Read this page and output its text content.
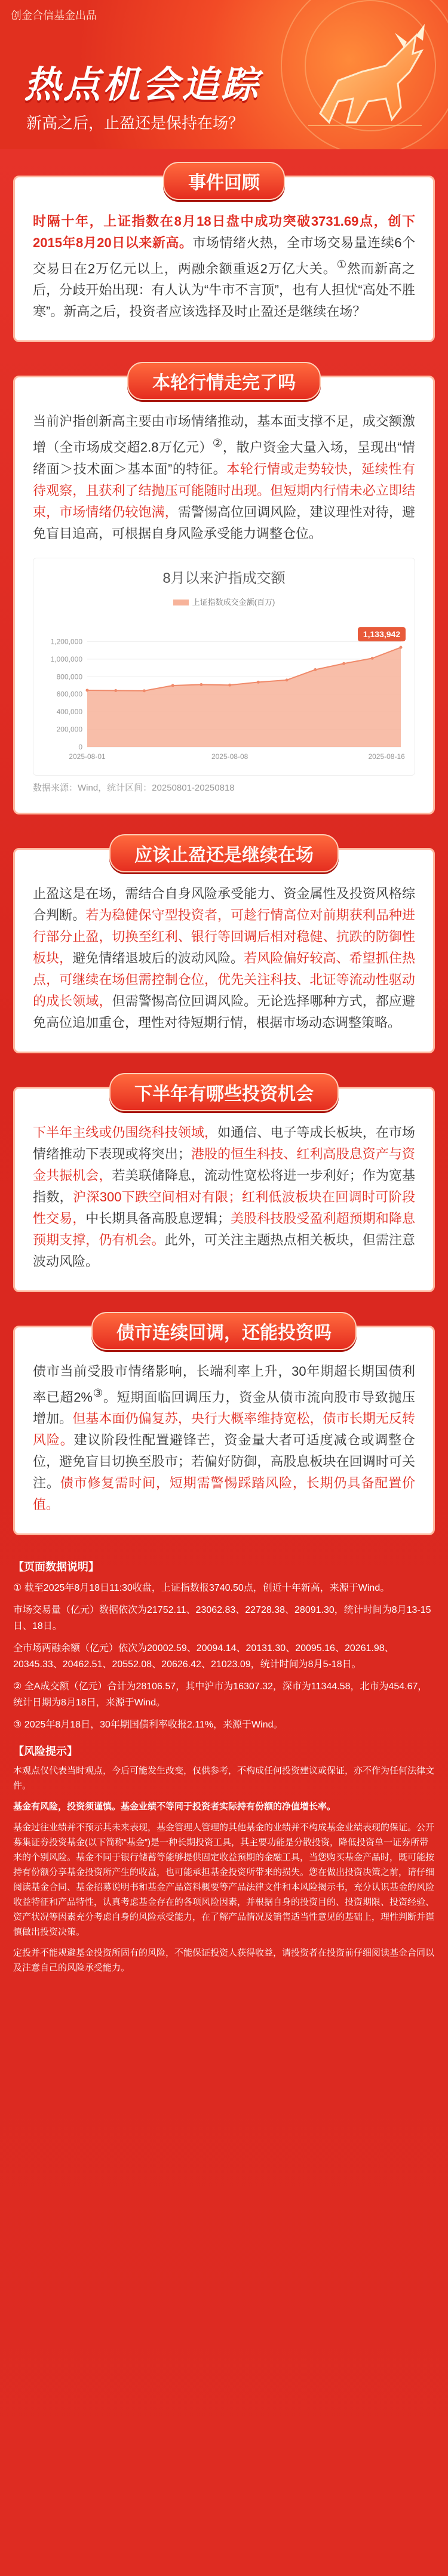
创金合信基金出品
热点机会追踪
新高之后，止盈还是保持在场？
事件回顾

时隔十年，上证指数在8月18日盘中成功突破3731.69点，创下2015年8月20日以来新高。市场情绪火热，全市场交易量连续6个交易日在2万亿元以上，两融余额重返2万亿大关。①然而新高之后，分歧开始出现：有人认为“牛市不言顶”，也有人担忧“高处不胜寒”。新高之后，投资者应该选择及时止盈还是继续在场？

本轮行情走完了吗

当前沪指创新高主要由市场情绪推动，基本面支撑不足，成交额激增（全市场成交超2.8万亿元）②，散户资金大量入场，呈现出“情绪面＞技术面＞基本面”的特征。本轮行情或走势较快，延续性有待观察，且获利了结抛压可能随时出现。但短期内行情未必立即结束，市场情绪仍较饱满，需警惕高位回调风险，建议理性对待，避免盲目追高，可根据自身风险承受能力调整仓位。

8月以来沪指成交额
上证指数成交金额(百万)
0
200,000
400,000
600,000
800,000
1,000,000
1,200,000
2025-08-01	2025-08-08	2025-08-16
1,133,942
数据来源：Wind，统计区间：20250801-20250818
应该止盈还是继续在场

止盈这是在场，需结合自身风险承受能力、资金属性及投资风格综合判断。若为稳健保守型投资者，可趁行情高位对前期获利品种进行部分止盈，切换至红利、银行等回调后相对稳健、抗跌的防御性板块，避免情绪退坡后的波动风险。若风险偏好较高、希望抓住热点，可继续在场但需控制仓位，优先关注科技、北证等流动性驱动的成长领域，但需警惕高位回调风险。无论选择哪种方式，都应避免高位追加重仓，理性对待短期行情，根据市场动态调整策略。

下半年有哪些投资机会

下半年主线或仍围绕科技领域，如通信、电子等成长板块，在市场情绪推动下表现或将突出；港股的恒生科技、红利高股息资产与资金共振机会，若美联储降息，流动性宽松将进一步利好；作为宽基指数，沪深300下跌空间相对有限；红利低波板块在回调时可阶段性交易，中长期具备高股息逻辑；美股科技股受盈利超预期和降息预期支撑，仍有机会。此外，可关注主题热点相关板块，但需注意波动风险。

债市连续回调，还能投资吗

债市当前受股市情绪影响，长端利率上升，30年期超长期国债利率已超2%③。短期面临回调压力，资金从债市流向股市导致抛压增加。但基本面仍偏复苏，央行大概率维持宽松，债市长期无反转风险。建议阶段性配置避锋芒，资金量大者可适度减仓或调整仓位，避免盲目切换至股市；若偏好防御，高股息板块在回调时可关注。债市修复需时间，短期需警惕踩踏风险，长期仍具备配置价值。

【页面数据说明】

① 截至2025年8月18日11:30收盘，上证指数报3740.50点，创近十年新高，来源于Wind。

市场交易量（亿元）数据依次为21752.11、23062.83、22728.38、28091.30，统计时间为8月13-15日、18日。

全市场两融余额（亿元）依次为20002.59、20094.14、20131.30、20095.16、20261.98、20345.33、20462.51、20552.08、20626.42、21023.09，统计时间为8月5-18日。

② 全A成交额（亿元）合计为28106.57，其中沪市为16307.32，深市为11344.58，北市为454.67，统计日期为8月18日，来源于Wind。

③ 2025年8月18日，30年期国债利率收报2.11%，来源于Wind。

【风险提示】

本观点仅代表当时观点，今后可能发生改变，仅供参考，不构成任何投资建议或保证，亦不作为任何法律文件。

基金有风险，投资须谨慎。基金业绩不等同于投资者实际持有份额的净值增长率。

基金过往业绩并不预示其未来表现，基金管理人管理的其他基金的业绩并不构成基金业绩表现的保证。公开募集证券投资基金(以下简称“基金”)是一种长期投资工具，其主要功能是分散投资，降低投资单一证券所带来的个别风险。基金不同于银行储蓄等能够提供固定收益预期的金融工具，当您购买基金产品时，既可能按持有份额分享基金投资所产生的收益，也可能承担基金投资所带来的损失。您在做出投资决策之前，请仔细阅读基金合同、基金招募说明书和基金产品资料概要等产品法律文件和本风险揭示书，充分认识基金的风险收益特征和产品特性，认真考虑基金存在的各项风险因素，并根据自身的投资目的、投资期限、投资经验、资产状况等因素充分考虑自身的风险承受能力，在了解产品情况及销售适当性意见的基础上，理性判断并谨慎做出投资决策。

定投并不能规避基金投资所固有的风险，不能保证投资人获得收益，请投资者在投资前仔细阅读基金合同以及注意自己的风险承受能力。
